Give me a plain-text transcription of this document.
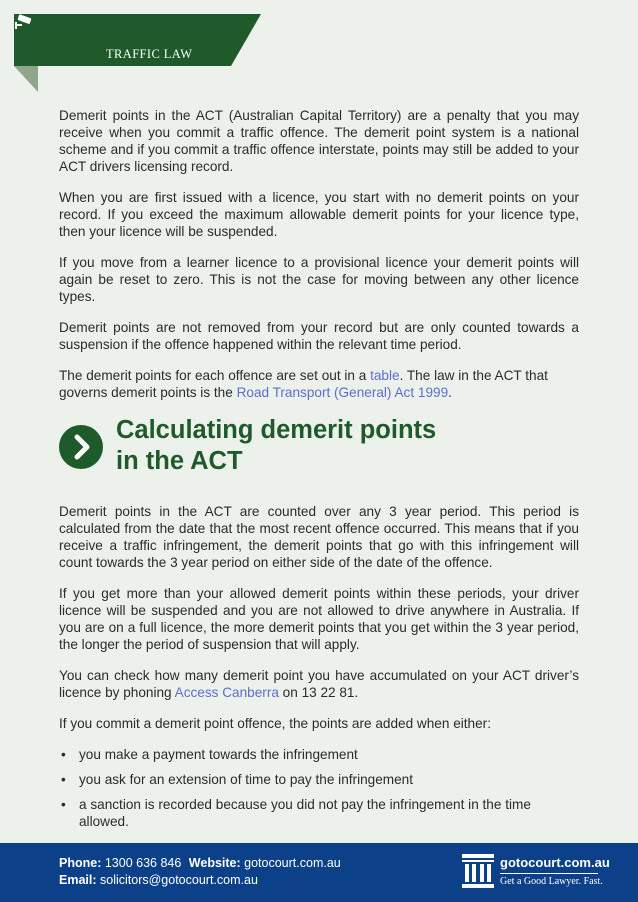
TRAFFIC LAW

Demerit points in the ACT (Australian Capital Territory) are a penalty that you may receive when you commit a traffic offence. The demerit point system is a national scheme and if you commit a traffic offence interstate, points may still be added to your ACT drivers licensing record.

When you are first issued with a licence, you start with no demerit points on your record. If you exceed the maximum allowable demerit points for your licence type, then your licence will be suspended.

If you move from a learner licence to a provisional licence your demerit points will again be reset to zero. This is not the case for moving between any other licence types.

Demerit points are not removed from your record but are only counted towards a suspension if the offence happened within the relevant time period.

The demerit points for each offence are set out in a table. The law in the ACT that governs demerit points is the Road Transport (General) Act 1999.

Calculating demerit points
in the ACT

Demerit points in the ACT are counted over any 3 year period. This period is calculated from the date that the most recent offence occurred. This means that if you receive a traffic infringement, the demerit points that go with this infringement will count towards the 3 year period on either side of the date of the offence.

If you get more than your allowed demerit points within these periods, your driver licence will be suspended and you are not allowed to drive anywhere in Australia. If you are on a full licence, the more demerit points that you get within the 3 year period, the longer the period of suspension that will apply.

You can check how many demerit point you have accumulated on your ACT driver’s licence by phoning Access Canberra on 13 22 81.

If you commit a demerit point offence, the points are added when either:

• you make a payment towards the infringement
• you ask for an extension of time to pay the infringement
• a sanction is recorded because you did not pay the infringement in the time allowed.
Phone: 1300 636 846 Website: gotocourt.com.au
Email: solicitors@gotocourt.com.au
gotocourt.com.au
Get a Good Lawyer. Fast.
